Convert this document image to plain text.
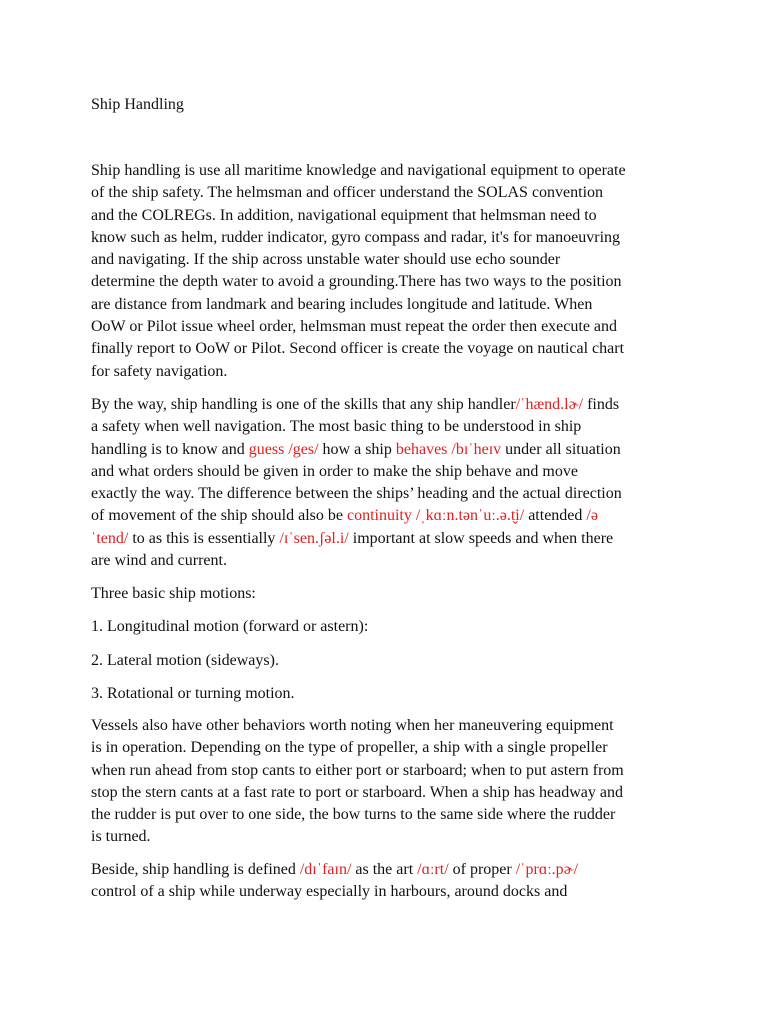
Ship Handling
Ship handling is use all maritime knowledge and navigational equipment to operate
of the ship safety. The helmsman and officer understand the SOLAS convention
and the COLREGs. In addition, navigational equipment that helmsman need to
know such as helm, rudder indicator, gyro compass and radar, it's for manoeuvring
and navigating. If the ship across unstable water should use echo sounder
determine the depth water to avoid a grounding.There has two ways to the position
are distance from landmark and bearing includes longitude and latitude. When
OoW or Pilot issue wheel order, helmsman must repeat the order then execute and
finally report to OoW or Pilot. Second officer is create the voyage on nautical chart
for safety navigation.
By the way, ship handling is one of the skills that any ship handler/ˈhænd.lɚ/ finds
a safety when well navigation. The most basic thing to be understood in ship
handling is to know and guess /ges/ how a ship behaves /bɪˈheɪv under all situation
and what orders should be given in order to make the ship behave and move
exactly the way. The difference between the ships’ heading and the actual direction
of movement of the ship should also be continuity /ˌkɑːn.tənˈuː.ə.t̬i/ attended /ə
ˈtend/ to as this is essentially /ɪˈsen.ʃəl.i/ important at slow speeds and when there
are wind and current.
Three basic ship motions:
1. Longitudinal motion (forward or astern):
2. Lateral motion (sideways).
3. Rotational or turning motion.
Vessels also have other behaviors worth noting when her maneuvering equipment
is in operation. Depending on the type of propeller, a ship with a single propeller
when run ahead from stop cants to either port or starboard; when to put astern from
stop the stern cants at a fast rate to port or starboard. When a ship has headway and
the rudder is put over to one side, the bow turns to the same side where the rudder
is turned.
Beside, ship handling is defined /dɪˈfaɪn/ as the art /ɑːrt/ of proper /ˈprɑː.pɚ/
control of a ship while underway especially in harbours, around docks and
